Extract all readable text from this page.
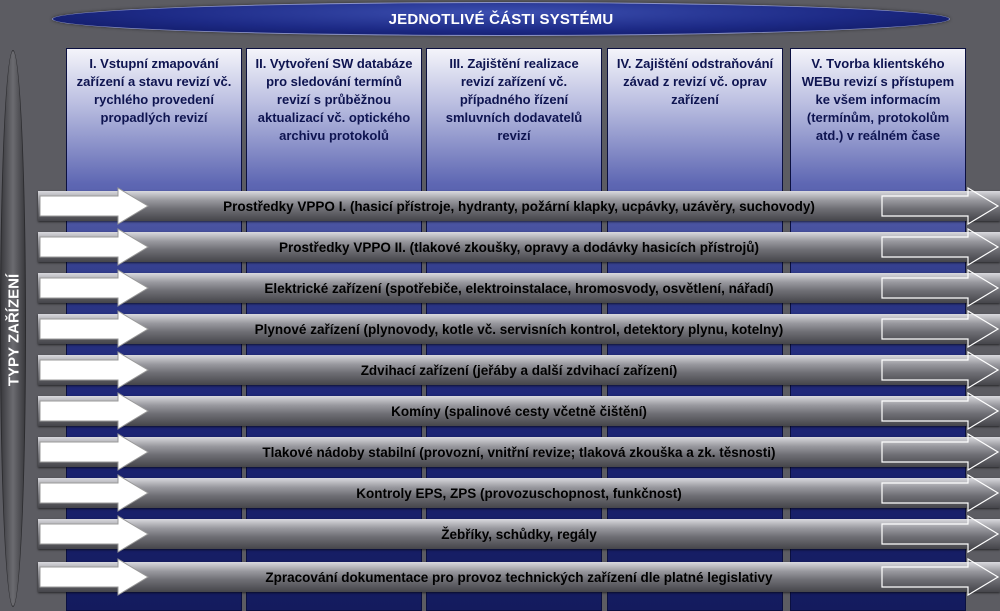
JEDNOTLIVÉ ČÁSTI SYSTÉMU
TYPY ZAŘÍZENÍ
I. Vstupní zmapování zařízení a stavu revizí vč. rychlého provedení propadlých revizí
II. Vytvoření SW databáze pro sledování termínů revizí s průběžnou aktualizací vč. optického archivu protokolů
III. Zajištění realizace revizí zařízení vč. případného řízení smluvních dodavatelů revizí
IV. Zajištění odstraňování závad z revizí vč. oprav zařízení
V. Tvorba klientského WEBu revizí s přístupem ke všem informacím (termínům, protokolům atd.) v reálném čase
Prostředky VPPO I. (hasicí přístroje, hydranty, požární klapky, ucpávky, uzávěry, suchovody)
Prostředky VPPO II. (tlakové zkoušky, opravy a dodávky hasicích přístrojů)
Elektrické zařízení (spotřebiče, elektroinstalace, hromosvody, osvětlení, nářadí)
Plynové zařízení (plynovody, kotle vč. servisních kontrol, detektory plynu, kotelny)
Zdvihací zařízení (jeřáby a další zdvihací zařízení)
Komíny (spalinové cesty včetně čištění)
Tlakové nádoby stabilní (provozní, vnitřní revize; tlaková zkouška a zk. těsnosti)
Kontroly EPS, ZPS (provozuschopnost, funkčnost)
Žebříky, schůdky, regály
Zpracování dokumentace pro provoz technických zařízení dle platné legislativy
